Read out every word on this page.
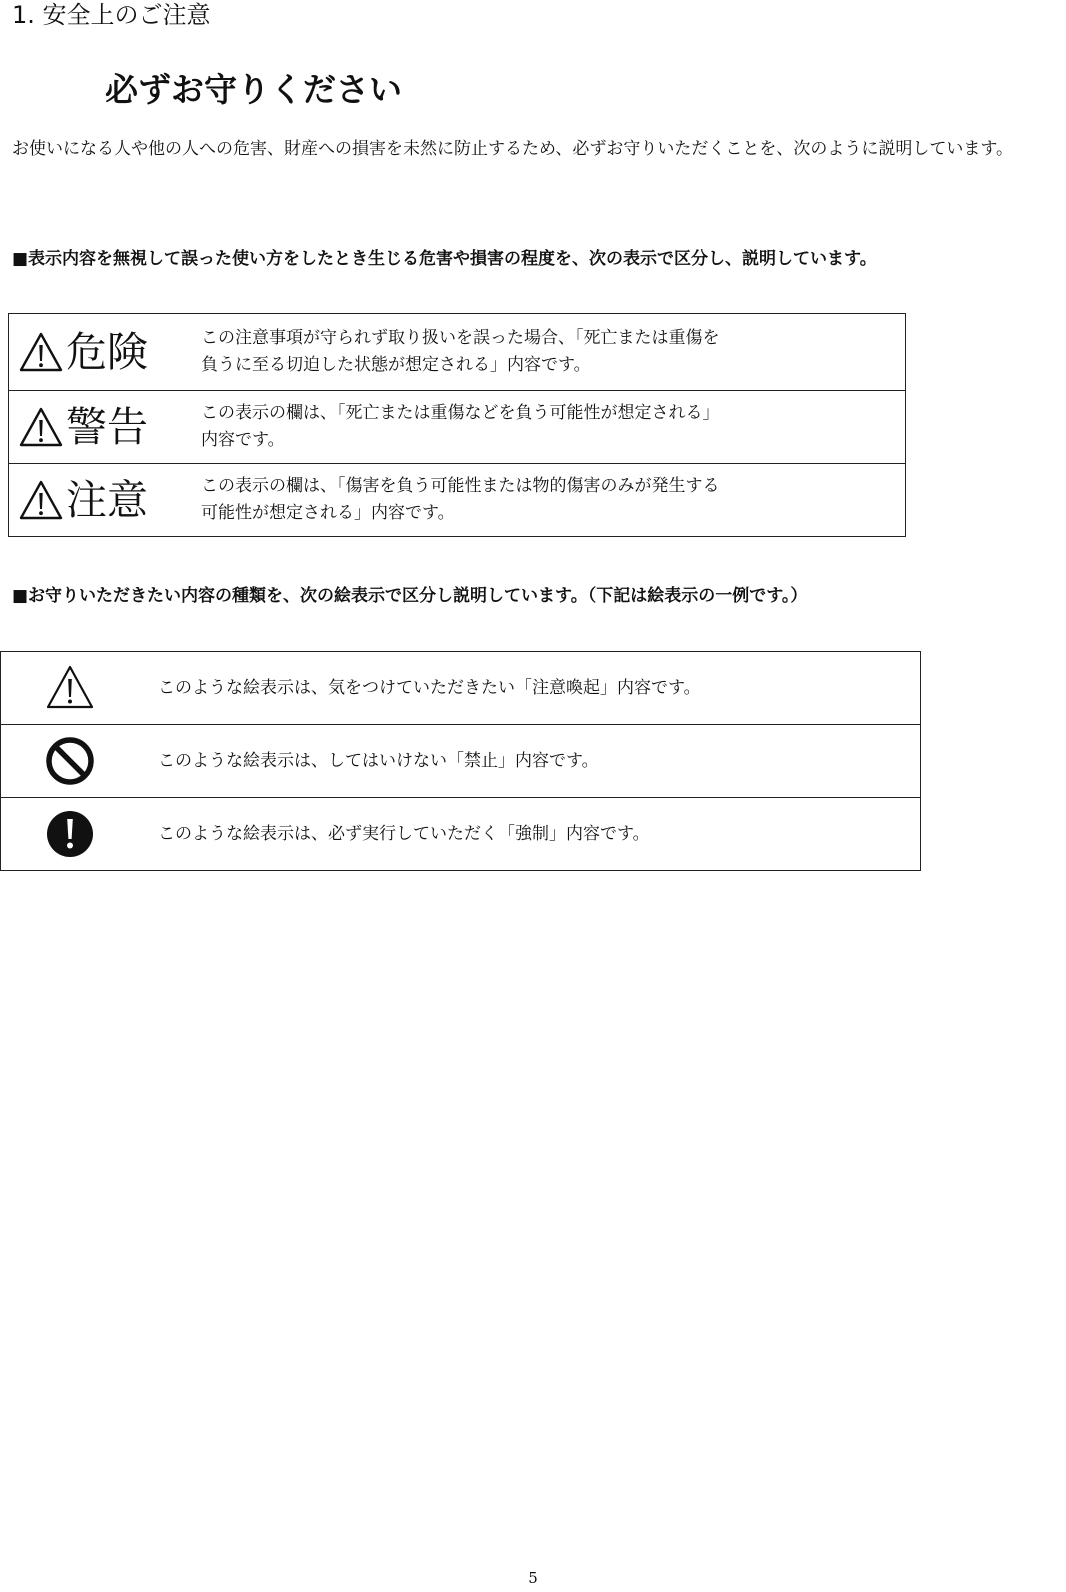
1. 安全上のご注意
必ずお守りください
お使いになる人や他の人への危害、財産への損害を未然に防止するため、必ずお守りいただくことを、次のように説明しています。
■表示内容を無視して誤った使い方をしたとき生じる危害や損害の程度を、次の表示で区分し、説明しています。
危険	この注意事項が守られず取り扱いを誤った場合、「死亡または重傷を
負うに至る切迫した状態が想定される」内容です。

警告	この表示の欄は、「死亡または重傷などを負う可能性が想定される」
内容です。

注意	この表示の欄は、「傷害を負う可能性または物的傷害のみが発生する
可能性が想定される」内容です。
■お守りいただきたい内容の種類を、次の絵表示で区分し説明しています。（下記は絵表示の一例です。）
	このような絵表示は、気をつけていただきたい「注意喚起」内容です。
	このような絵表示は、してはいけない「禁止」内容です。
	このような絵表示は、必ず実行していただく「強制」内容です。
5
